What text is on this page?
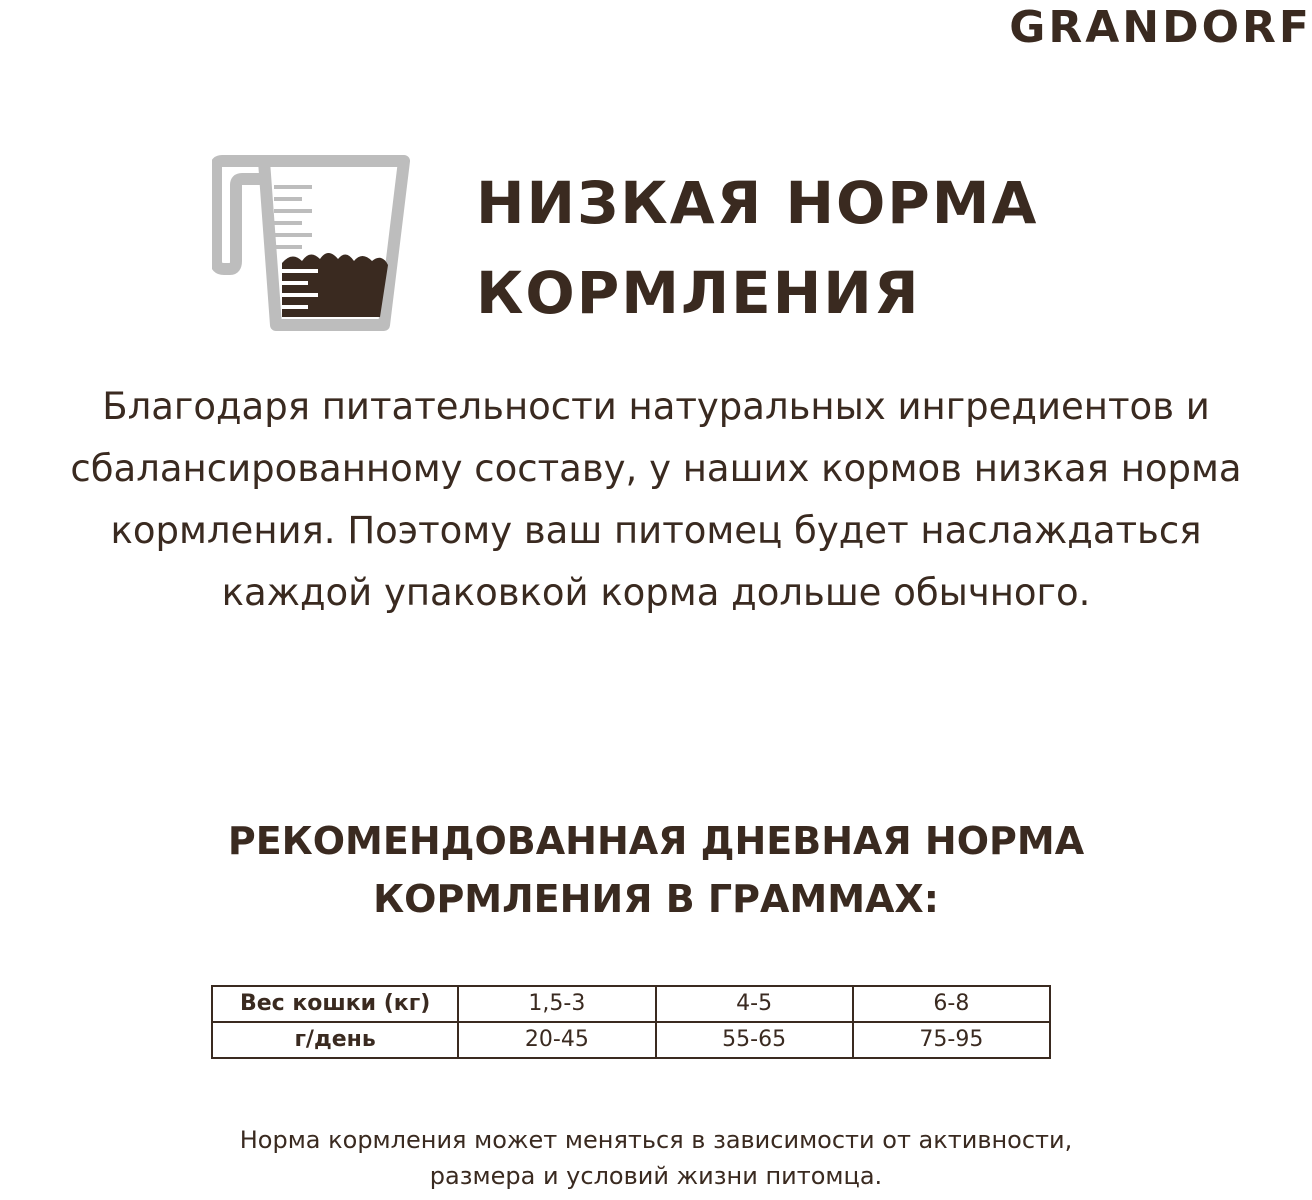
GRANDORF
НИЗКАЯ НОРМА
КОРМЛЕНИЯ
Благодаря питательности натуральных ингредиентов и
сбалансированному составу, у наших кормов низкая норма
кормления. Поэтому ваш питомец будет наслаждаться
каждой упаковкой корма дольше обычного.
РЕКОМЕНДОВАННАЯ ДНЕВНАЯ НОРМА
КОРМЛЕНИЯ В ГРАММАХ:
Вес кошки (кг)	1,5-3	4-5	6-8
г/день	20-45	55-65	75-95
Норма кормления может меняться в зависимости от активности,
размера и условий жизни питомца.
